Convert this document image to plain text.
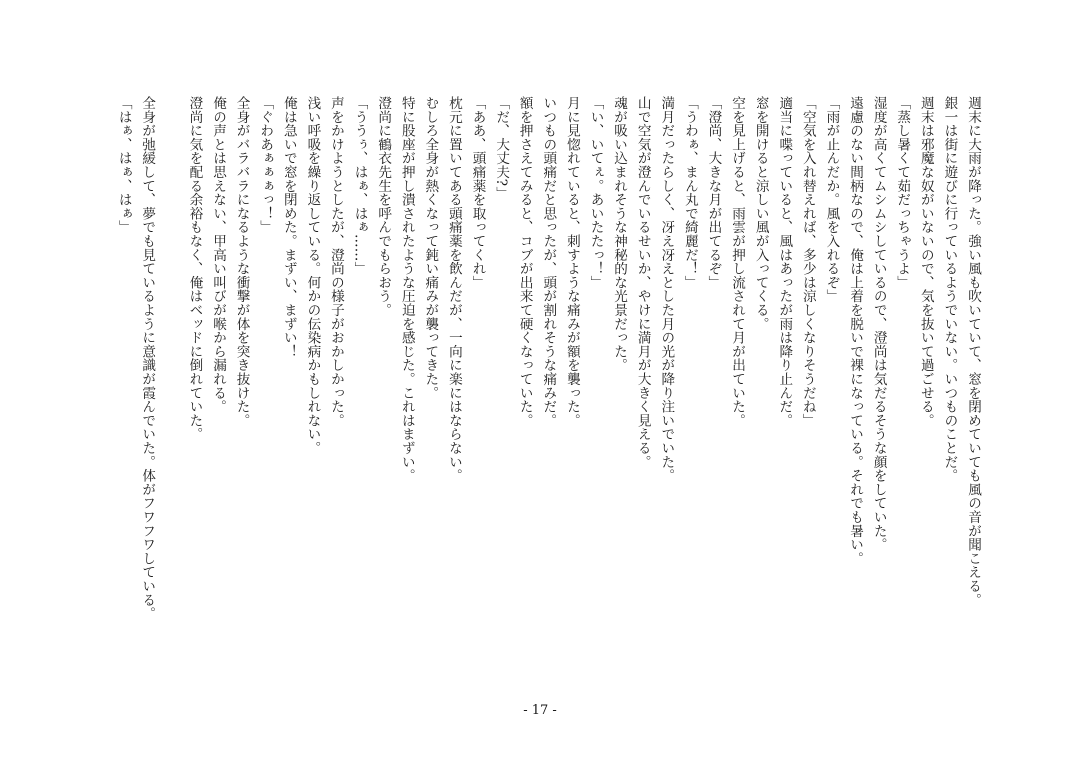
週末に大雨が降った。強い風も吹いていて、窓を閉めていても風の音が聞こえる。

銀一は街に遊びに行っているようでいない。いつものことだ。

週末は邪魔な奴がいないので、気を抜いて過ごせる。

「蒸し暑くて茹だっちゃうよ」

湿度が高くてムシムシしているので、澄尚は気だるそうな顔をしていた。

遠慮のない間柄なので、俺は上着を脱いで裸になっている。それでも暑い。

「雨が止んだか。風を入れるぞ」

「空気を入れ替えれば、多少は涼しくなりそうだね」

適当に喋っていると、風はあったが雨は降り止んだ。

窓を開けると涼しい風が入ってくる。

空を見上げると、雨雲が押し流されて月が出ていた。

「澄尚、大きな月が出てるぞ」

「うわぁ、まん丸で綺麗だ！」

満月だったらしく、冴え冴えとした月の光が降り注いでいた。

山で空気が澄んでいるせいか、やけに満月が大きく見える。

魂が吸い込まれそうな神秘的な光景だった。

「い、いてぇ。あいたたっ！」

月に見惚れていると、刺すような痛みが額を襲った。

いつもの頭痛だと思ったが、頭が割れそうな痛みだ。

額を押さえてみると、コブが出来て硬くなっていた。

「だ、大丈夫?」

「ああ、頭痛薬を取ってくれ」

枕元に置いてある頭痛薬を飲んだが、一向に楽にはならない。

むしろ全身が熱くなって鈍い痛みが襲ってきた。

特に股座が押し潰されたような圧迫を感じた。これはまずい。

澄尚に鶴衣先生を呼んでもらおう。

「ううぅ、はぁ、はぁ……」

声をかけようとしたが、澄尚の様子がおかしかった。

浅い呼吸を繰り返している。何かの伝染病かもしれない。

俺は急いで窓を閉めた。まずい、まずい！

「ぐわあぁぁぁっ！」

全身がバラバラになるような衝撃が体を突き抜けた。

俺の声とは思えない、甲高い叫びが喉から漏れる。

澄尚に気を配る余裕もなく、俺はベッドに倒れていた。

全身が弛緩して、夢でも見ているように意識が霞んでいた。体がフワフワしている。

「はぁ、はぁ、はぁ」

- 17 -
